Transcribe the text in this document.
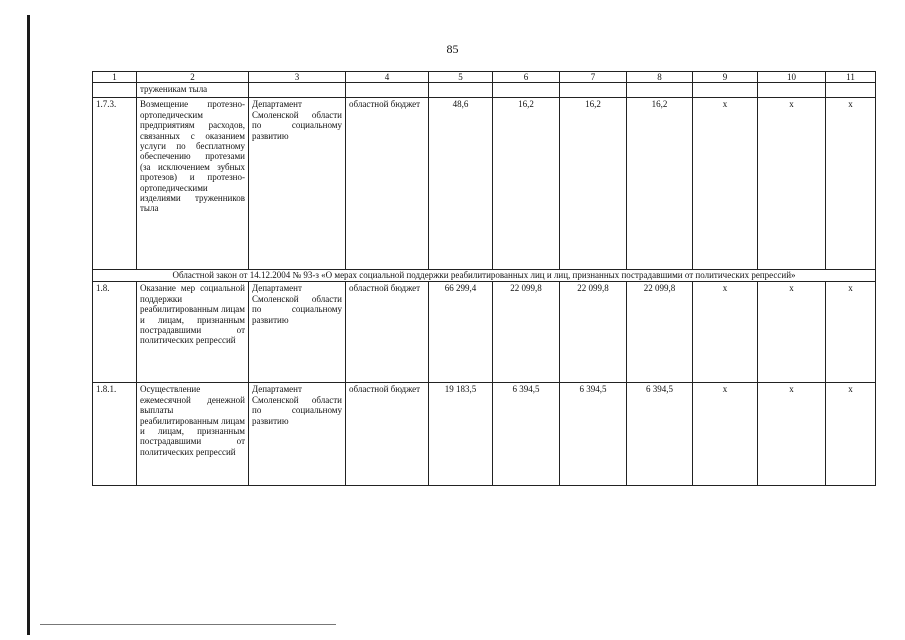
85
1	2	3	4	5	6	7	8	9	10	11
	труженикам тыла									
1.7.3.	Возмещение протезно-ортопедическим предприятиям расходов, связанных с оказанием услуги по бесплатному обеспечению протезами (за исключением зубных протезов) и протезно-ортопедическими изделиями труженников тыла	Департамент Смоленской области по социальному развитию	областной бюджет	48,6	16,2	16,2	16,2	х	х	х
Областной закон от 14.12.2004 № 93-з «О мерах социальной поддержки реабилитированных лиц и лиц, признанных пострадавшими от политических репрессий»										
1.8.	Оказание мер социальной поддержки реабилитированным лицам и лицам, признанным пострадавшими от политических репрессий	Департамент Смоленской области по социальному развитию	областной бюджет	66 299,4	22 099,8	22 099,8	22 099,8	х	х	х
1.8.1.	Осуществление ежемесячной денежной выплаты реабилитированным лицам и лицам, признанным пострадавшими от политических репрессий	Департамент Смоленской области по социальному развитию	областной бюджет	19 183,5	6 394,5	6 394,5	6 394,5	х	х	х
